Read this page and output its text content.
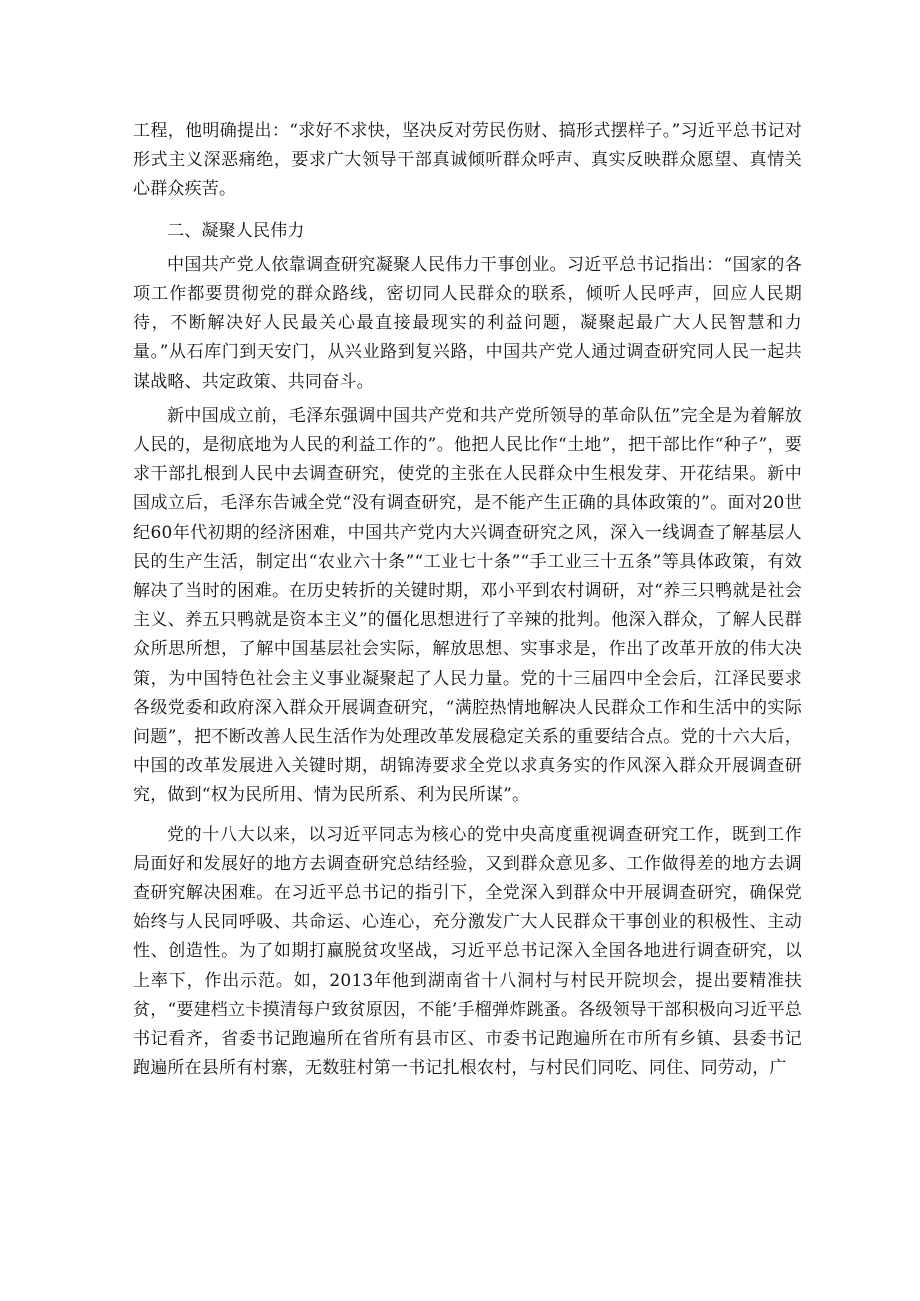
工程，他明确提出：“求好不求快，坚决反对劳民伤财、搞形式摆样子。”习近平总书记对形式主义深恶痛绝，要求广大领导干部真诚倾听群众呼声、真实反映群众愿望、真情关心群众疾苦。

二、凝聚人民伟力

中国共产党人依靠调查研究凝聚人民伟力干事创业。习近平总书记指出：“国家的各项工作都要贯彻党的群众路线，密切同人民群众的联系，倾听人民呼声，回应人民期待，不断解决好人民最关心最直接最现实的利益问题，凝聚起最广大人民智慧和力量。”从石库门到天安门，从兴业路到复兴路，中国共产党人通过调查研究同人民一起共谋战略、共定政策、共同奋斗。

新中国成立前，毛泽东强调中国共产党和共产党所领导的革命队伍”完全是为着解放人民的，是彻底地为人民的利益工作的”。他把人民比作“土地”，把干部比作“种子”，要求干部扎根到人民中去调查研究，使党的主张在人民群众中生根发芽、开花结果。新中国成立后，毛泽东告诫全党“没有调查研究，是不能产生正确的具体政策的”。面对20世纪60年代初期的经济困难，中国共产党内大兴调查研究之风，深入一线调查了解基层人民的生产生活，制定出“农业六十条”“工业七十条”“手工业三十五条”等具体政策，有效解决了当时的困难。在历史转折的关键时期，邓小平到农村调研，对“养三只鸭就是社会主义、养五只鸭就是资本主义”的僵化思想进行了辛辣的批判。他深入群众，了解人民群众所思所想，了解中国基层社会实际，解放思想、实事求是，作出了改革开放的伟大决策，为中国特色社会主义事业凝聚起了人民力量。党的十三届四中全会后，江泽民要求各级党委和政府深入群众开展调查研究，“满腔热情地解决人民群众工作和生活中的实际问题”，把不断改善人民生活作为处理改革发展稳定关系的重要结合点。党的十六大后，中国的改革发展进入关键时期，胡锦涛要求全党以求真务实的作风深入群众开展调查研究，做到“权为民所用、情为民所系、利为民所谋”。

党的十八大以来，以习近平同志为核心的党中央高度重视调查研究工作，既到工作局面好和发展好的地方去调查研究总结经验，又到群众意见多、工作做得差的地方去调查研究解决困难。在习近平总书记的指引下，全党深入到群众中开展调查研究，确保党始终与人民同呼吸、共命运、心连心，充分激发广大人民群众干事创业的积极性、主动性、创造性。为了如期打赢脱贫攻坚战，习近平总书记深入全国各地进行调查研究，以上率下，作出示范。如，2013年他到湖南省十八洞村与村民开院坝会，提出要精准扶贫，“要建档立卡摸清每户致贫原因，不能’手榴弹炸跳蚤。各级领导干部积极向习近平总书记看齐，省委书记跑遍所在省所有县市区、市委书记跑遍所在市所有乡镇、县委书记跑遍所在县所有村寨，无数驻村第一书记扎根农村，与村民们同吃、同住、同劳动，广
